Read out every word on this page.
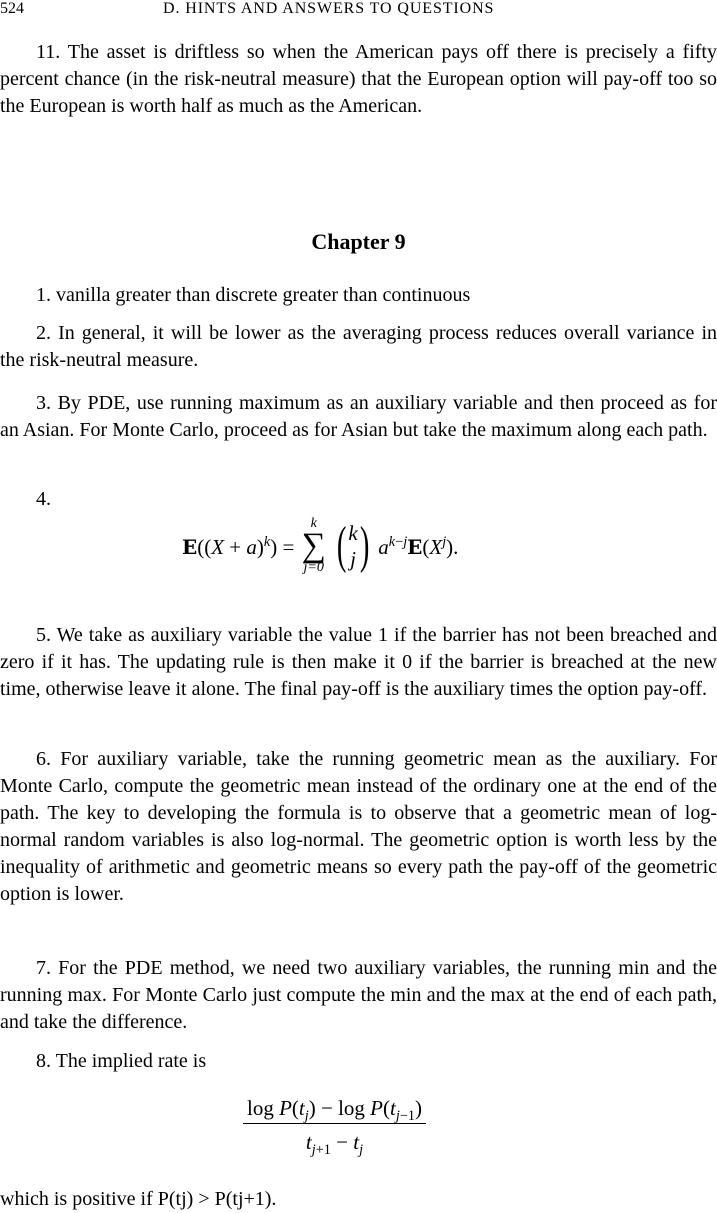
524	D. HINTS AND ANSWERS TO QUESTIONS

11. The asset is driftless so when the American pays off there is precisely a fifty percent chance (in the risk-neutral measure) that the European option will pay-off too so the European is worth half as much as the American.

Chapter 9

1. vanilla greater than discrete greater than continuous

2. In general, it will be lower as the averaging process reduces overall variance in the risk-neutral measure.

3. By PDE, use running maximum as an auxiliary variable and then proceed as for an Asian. For Monte Carlo, proceed as for Asian but take the maximum along each path.

4.

$E((X + a)^k)$ =
k
∑
j=0 ( k
j ) $a^{k-j}E(X^j)$.

5. We take as auxiliary variable the value 1 if the barrier has not been breached and zero if it has. The updating rule is then make it 0 if the barrier is breached at the new time, otherwise leave it alone. The final pay-off is the auxiliary times the option pay-off.

6. For auxiliary variable, take the running geometric mean as the auxiliary. For Monte Carlo, compute the geometric mean instead of the ordinary one at the end of the path. The key to developing the formula is to observe that a geometric mean of log-normal random variables is also log-normal. The geometric option is worth less by the inequality of arithmetic and geometric means so every path the pay-off of the geometric option is lower.

7. For the PDE method, we need two auxiliary variables, the running min and the running max. For Monte Carlo just compute the min and the max at the end of each path, and take the difference.

8. The implied rate is

$\frac{\log P(t_j) - \log P(t_{j-1})}{t_{j+1} - t_j}$

which is positive if P(tj) > P(tj+1).
